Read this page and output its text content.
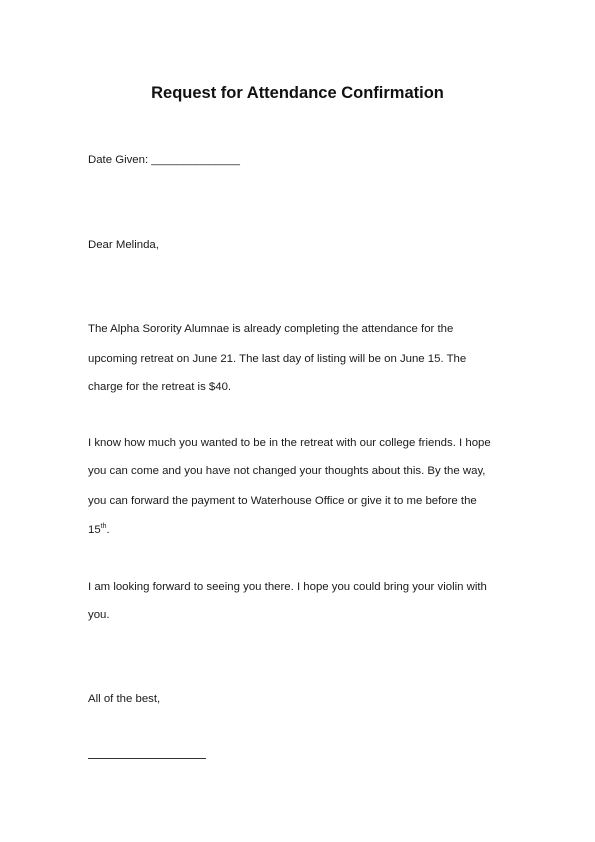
Request for Attendance Confirmation
Date Given: ______________
Dear Melinda,
The Alpha Sorority Alumnae is already completing the attendance for the
upcoming retreat on June 21. The last day of listing will be on June 15. The
charge for the retreat is $40.
I know how much you wanted to be in the retreat with our college friends. I hope
you can come and you have not changed your thoughts about this. By the way,
you can forward the payment to Waterhouse Office or give it to me before the
15th.
I am looking forward to seeing you there. I hope you could bring your violin with
you.
All of the best,
